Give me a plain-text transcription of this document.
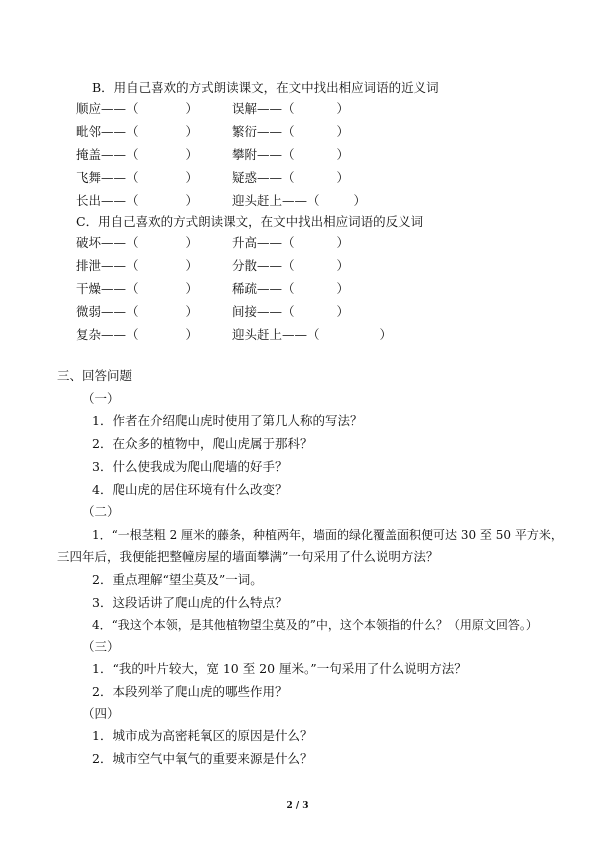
B．用自己喜欢的方式朗读课文，在文中找出相应词语的近义词
顺应——（	）	误解——（	）
毗邻——（	）	繁衍——（	）
掩盖——（	）	攀附——（	）
飞舞——（	）	疑惑——（	）
长出——（	）	迎头赶上——（	）
C．用自己喜欢的方式朗读课文，在文中找出相应词语的反义词
破坏——（	）	升高——（	）
排泄——（	）	分散——（	）
干燥——（	）	稀疏——（	）
微弱——（	）	间接——（	）
复杂——（	）	迎头赶上——（	）
三、回答问题
（一）
1．作者在介绍爬山虎时使用了第几人称的写法？
2．在众多的植物中，爬山虎属于那科？
3．什么使我成为爬山爬墙的好手？
4．爬山虎的居住环境有什么改变？
（二）
1．“一根茎粗 2 厘米的藤条，种植两年，墙面的绿化覆盖面积便可达 30 至 50 平方米，
三四年后，我便能把整幢房屋的墙面攀满”一句采用了什么说明方法？
2．重点理解“望尘莫及”一词。
3．这段话讲了爬山虎的什么特点？
4．“我这个本领，是其他植物望尘莫及的”中，这个本领指的什么？（用原文回答。）
（三）
1．“我的叶片较大，宽 10 至 20 厘米。”一句采用了什么说明方法？
2．本段列举了爬山虎的哪些作用？
（四）
1．城市成为高密耗氧区的原因是什么？
2．城市空气中氧气的重要来源是什么？
2 / 3
